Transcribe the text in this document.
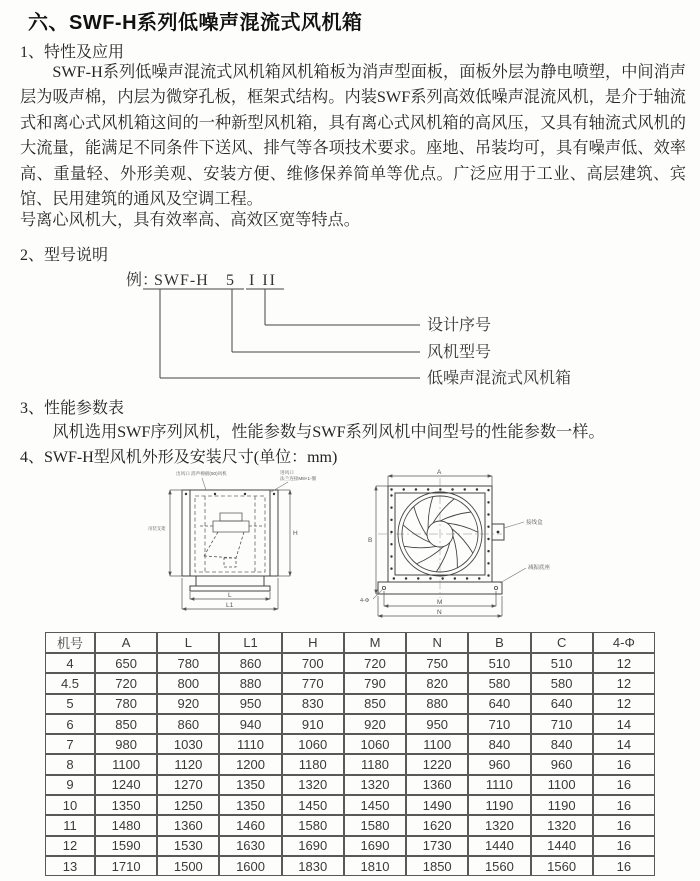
六、SWF-H系列低噪声混流式风机箱
1、特性及应用
SWF-H系列低噪声混流式风机箱风机箱板为消声型面板，面板外层为静电喷塑，中间消声层为吸声棉，内层为微穿孔板，框架式结构。内装SWF系列高效低噪声混流风机，是介于轴流式和离心式风机箱这间的一种新型风机箱，具有离心式风机箱的高风压，又具有轴流式风机的大流量，能满足不同条件下送风、排气等各项技术要求。座地、吊装均可，具有噪声低、效率高、重量轻、外形美观、安装方便、维修保养简单等优点。广泛应用于工业、高层建筑、宾馆、民用建筑的通风及空调工程。
号离心风机大，具有效率高、高效区宽等特点。
2、型号说明
例：
SWF-H 5 I II
设计序号
风机型号
低噪声混流式风机箱
3、性能参数表
风机选用SWF序列风机，性能参数与SWF系列风机中间型号的性能参数一样。
4、SWF-H型风机外形及安装尺寸(单位：mm)
出风口 消声棉板(50)风机	进风口
法兰连接M8×1-圈
吊装支架
H
L
L1
接线盒
减振底座
4-Φ
A
B
M
N
机号	A	L	L1	H	M	N	B	C	4-Φ
4	650	780	860	700	720	750	510	510	12
4.5	720	800	880	770	790	820	580	580	12
5	780	920	950	830	850	880	640	640	12
6	850	860	940	910	920	950	710	710	14
7	980	1030	1110	1060	1060	1100	840	840	14
8	1100	1120	1200	1180	1180	1220	960	960	16
9	1240	1270	1350	1320	1320	1360	1110	1100	16
10	1350	1250	1350	1450	1450	1490	1190	1190	16
11	1480	1360	1460	1580	1580	1620	1320	1320	16
12	1590	1530	1630	1690	1690	1730	1440	1440	16
13	1710	1500	1600	1830	1810	1850	1560	1560	16
